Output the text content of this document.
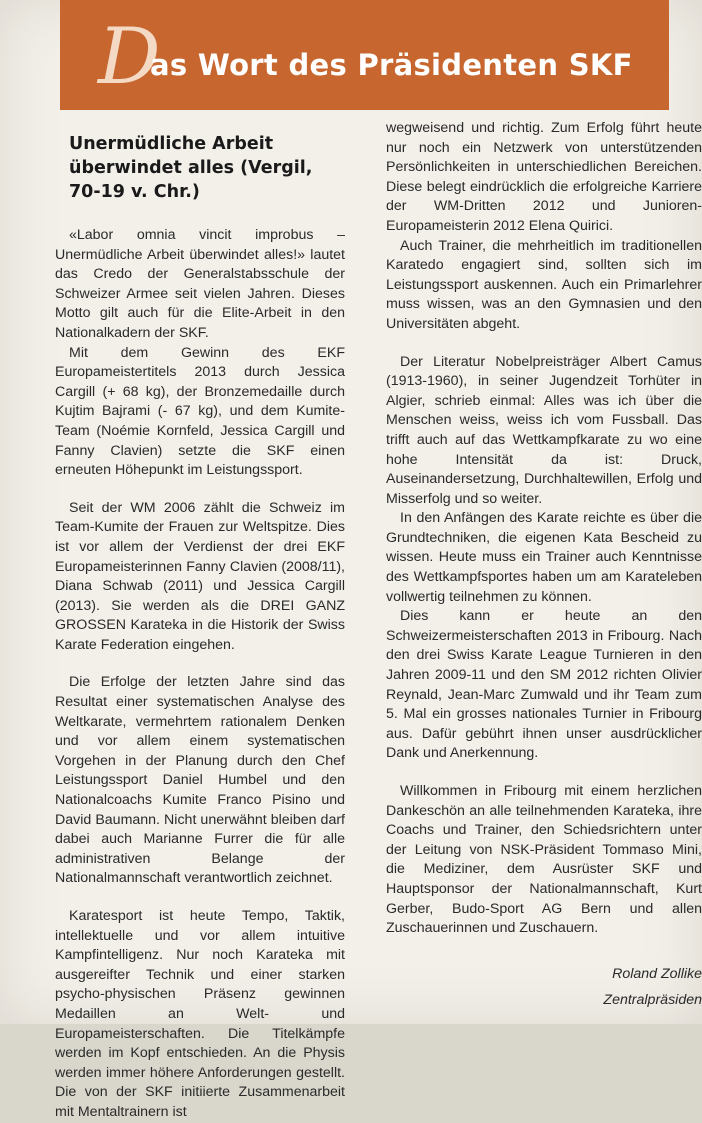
D
as Wort des Präsidenten SKF
Unermüdliche Arbeit überwindet alles (Vergil, 70-19 v. Chr.)

«Labor omnia vincit improbus – Unermüdliche Arbeit überwindet alles!» lautet das Credo der Generalstabsschule der Schweizer Armee seit vielen Jahren. Dieses Motto gilt auch für die Elite-Arbeit in den Nationalkadern der SKF.

Mit dem Gewinn des EKF Europameistertitels 2013 durch Jessica Cargill (+ 68 kg), der Bronzemedaille durch Kujtim Bajrami (- 67 kg), und dem Kumite-Team (Noémie Kornfeld, Jessica Cargill und Fanny Clavien) setzte die SKF einen erneuten Höhepunkt im Leistungssport.

Seit der WM 2006 zählt die Schweiz im Team-Kumite der Frauen zur Weltspitze. Dies ist vor allem der Verdienst der drei EKF Europameisterinnen Fanny Clavien (2008/11), Diana Schwab (2011) und Jessica Cargill (2013). Sie werden als die DREI GANZ GROSSEN Karateka in die Historik der Swiss Karate Federation eingehen.

Die Erfolge der letzten Jahre sind das Resultat einer systematischen Analyse des Weltkarate, vermehrtem rationalem Denken und vor allem einem systematischen Vorgehen in der Planung durch den Chef Leistungssport Daniel Humbel und den Nationalcoachs Kumite Franco Pisino und David Baumann. Nicht unerwähnt bleiben darf dabei auch Marianne Furrer die für alle administrativen Belange der Nationalmannschaft verantwortlich zeichnet.

Karatesport ist heute Tempo, Taktik, intellektuelle und vor allem intuitive Kampfintelligenz. Nur noch Karateka mit ausgereifter Technik und einer starken psycho-physischen Präsenz gewinnen Medaillen an Welt- und Europameisterschaften. Die Titelkämpfe werden im Kopf entschieden. An die Physis werden immer höhere Anforderungen gestellt. Die von der SKF initiierte Zusammenarbeit mit Mentaltrainern ist

wegweisend und richtig. Zum Erfolg führt heute nur noch ein Netzwerk von unterstützenden Persönlichkeiten in unterschiedlichen Bereichen. Diese belegt eindrücklich die erfolgreiche Karriere der WM-Dritten 2012 und Junioren-Europameisterin 2012 Elena Quirici.

Auch Trainer, die mehrheitlich im traditionellen Karatedo engagiert sind, sollten sich im Leistungssport auskennen. Auch ein Primarlehrer muss wissen, was an den Gymnasien und den Universitäten abgeht.

Der Literatur Nobelpreisträger Albert Camus (1913-1960), in seiner Jugendzeit Torhüter in Algier, schrieb einmal: Alles was ich über die Menschen weiss, weiss ich vom Fussball. Das trifft auch auf das Wettkampfkarate zu wo eine hohe Intensität da ist: Druck, Auseinandersetzung, Durchhaltewillen, Erfolg und Misserfolg und so weiter.

In den Anfängen des Karate reichte es über die Grundtechniken, die eigenen Kata Bescheid zu wissen. Heute muss ein Trainer auch Kenntnisse des Wettkampfsportes haben um am Karateleben vollwertig teilnehmen zu können.

Dies kann er heute an den Schweizermeisterschaften 2013 in Fribourg. Nach den drei Swiss Karate League Turnieren in den Jahren 2009-11 und den SM 2012 richten Olivier Reynald, Jean-Marc Zumwald und ihr Team zum 5. Mal ein grosses nationales Turnier in Fribourg aus. Dafür gebührt ihnen unser ausdrücklicher Dank und Anerkennung.

Willkommen in Fribourg mit einem herzlichen Dankeschön an alle teilnehmenden Karateka, ihre Coachs und Trainer, den Schiedsrichtern unter der Leitung von NSK-Präsident Tommaso Mini, die Mediziner, dem Ausrüster SKF und Hauptsponsor der Nationalmannschaft, Kurt Gerber, Budo-Sport AG Bern und allen Zuschauerinnen und Zuschauern.

Roland Zollike
Zentralpräsiden
